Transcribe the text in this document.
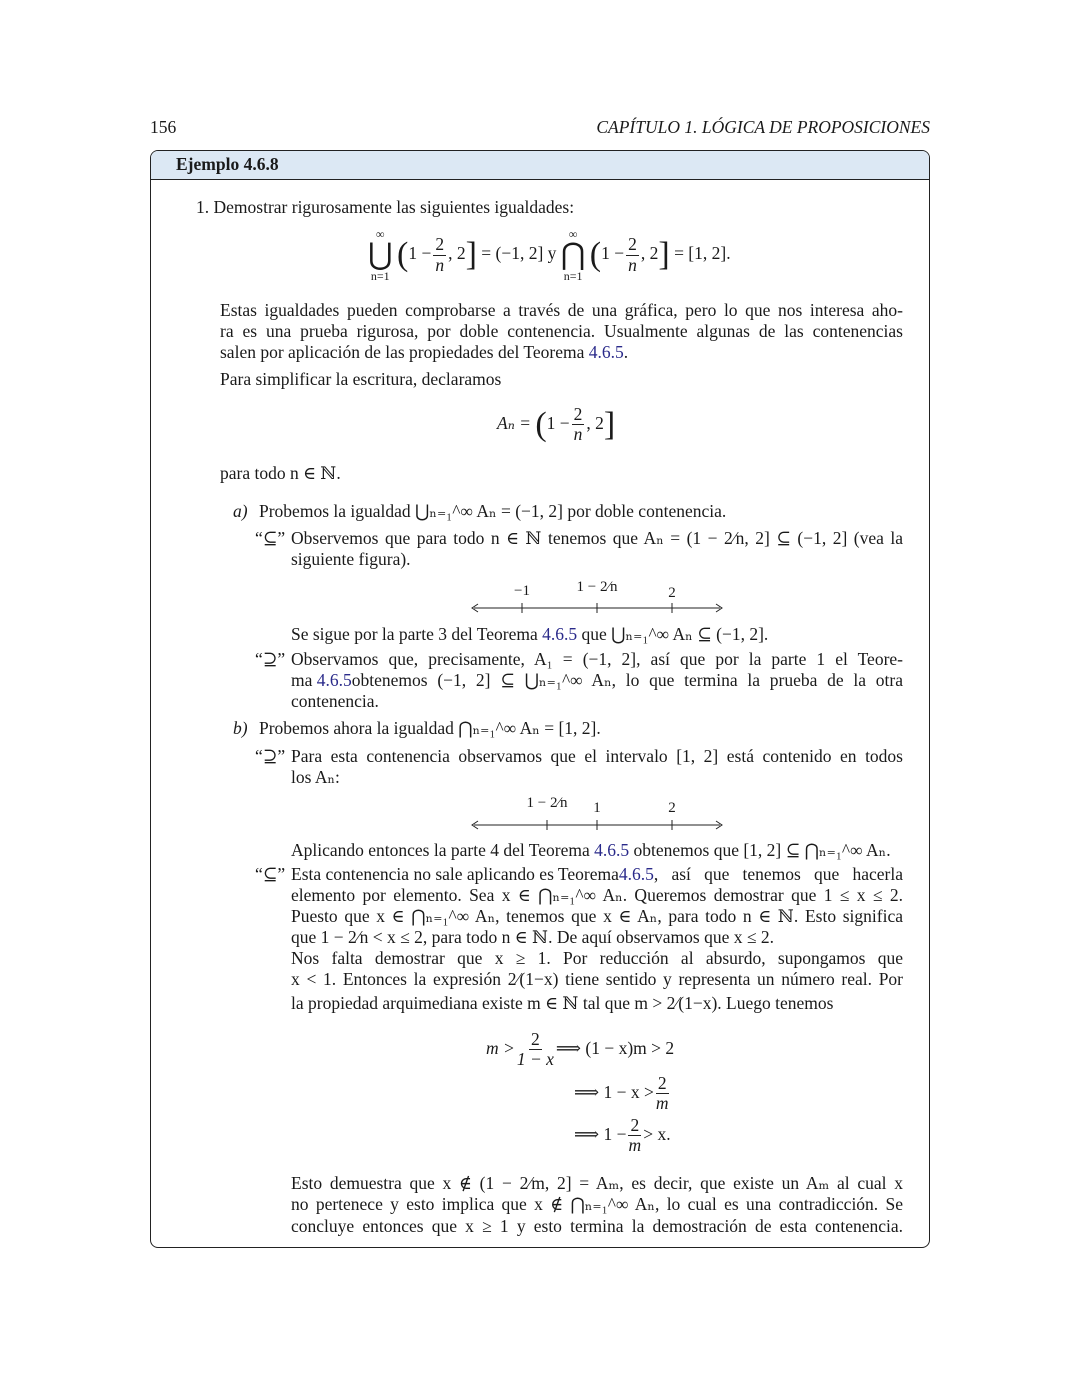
156	CAPÍTULO 1. LÓGICA DE PROPOSICIONES
Ejemplo 4.6.8
1. Demostrar rigurosamente las siguientes igualdades:
∞
⋃
n=1
($1 - \frac{2}{n}$ , 2] = (−1, 2] y
∞
⋂
n=1
($1 - \frac{2}{n}$ , 2] = [1, 2].
Estas igualdades pueden comprobarse a través de una gráfica, pero lo que nos interesa aho-
ra es una prueba rigurosa, por doble contenencia. Usualmente algunas de las contenencias
salen por aplicación de las propiedades del Teorema 4.6.5.
Para simplificar la escritura, declaramos
$A_n = (1 - \frac{2}{n}$ , 2]
para todo n ∈ ℕ.
a) Probemos la igualdad ⋃ₙ₌₁^∞ Aₙ = (−1, 2] por doble contenencia.
“⊆” Observemos que para todo n ∈ ℕ tenemos que Aₙ = (1 − 2⁄n, 2] ⊆ (−1, 2] (vea la
siguiente figura).
−1	1 − 2⁄n	2
Se sigue por la parte 3 del Teorema 4.6.5 que ⋃ₙ₌₁^∞ Aₙ ⊆ (−1, 2].
“⊇” Observamos que, precisamente, A₁ = (−1, 2], así que por la parte 1 el Teore-
ma
4.6.5 obtenemos (−1, 2] ⊆ ⋃ₙ₌₁^∞ Aₙ, lo que termina la prueba de la otra
contenencia.
b) Probemos ahora la igualdad ⋂ₙ₌₁^∞ Aₙ = [1, 2].
“⊇” Para esta contenencia observamos que el intervalo [1, 2] está contenido en todos
los Aₙ:
1 − 2⁄n 1	2
Aplicando entonces la parte 4 del Teorema 4.6.5 obtenemos que [1, 2] ⊆ ⋂ₙ₌₁^∞ Aₙ.
“⊆” Esta contenencia no sale aplicando es Teorema 4.6.5 , así que tenemos que hacerla
elemento por elemento. Sea x ∈ ⋂ₙ₌₁^∞ Aₙ. Queremos demostrar que 1 ≤ x ≤ 2.
Puesto que x ∈ ⋂ₙ₌₁^∞ Aₙ, tenemos que x ∈ Aₙ, para todo n ∈ ℕ. Esto significa
que 1 − 2⁄n < x ≤ 2, para todo n ∈ ℕ. De aquí observamos que x ≤ 2.
Nos falta demostrar que x ≥ 1. Por reducción al absurdo, supongamos que
x < 1. Entonces la expresión 2⁄(1−x) tiene sentido y representa un número real. Por
la propiedad arquimediana existe m ∈ ℕ tal que m > 2⁄(1−x). Luego tenemos
$m > \frac{2}{1 - x}$ ⟹ (1 − x)m > 2
⟹ $1 - x > \frac{2}{m}$
⟹ $1 - \frac{2}{m} > x$.
Esto demuestra que x ∉ (1 − 2⁄m, 2] = Aₘ, es decir, que existe un Aₘ al cual x
no pertenece y esto implica que x ∉ ⋂ₙ₌₁^∞ Aₙ, lo cual es una contradicción. Se
concluye entonces que x ≥ 1 y esto termina la demostración de esta contenencia.
